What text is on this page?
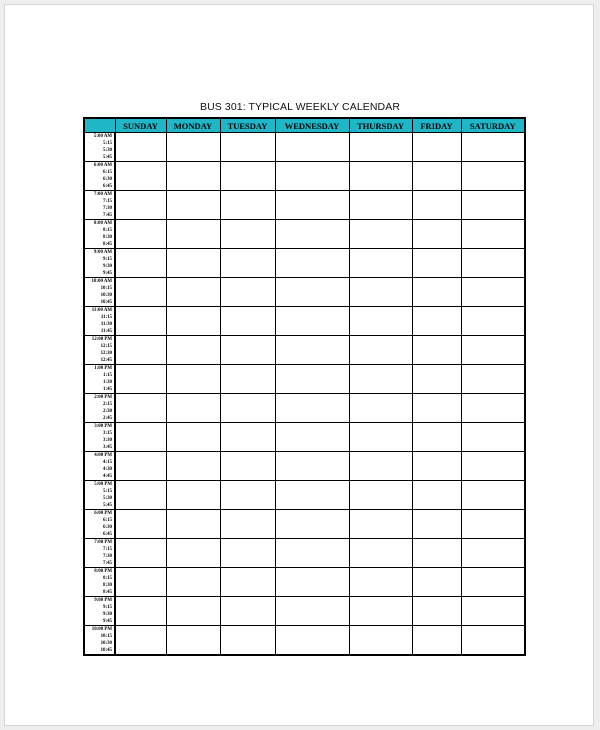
BUS 301: TYPICAL WEEKLY CALENDAR
	SUNDAY	MONDAY	TUESDAY	WEDNESDAY	THURSDAY	FRIDAY	SATURDAY

5:00 AM
5:15
5:30
5:45							

6:00 AM
6:15
6:30
6:45							

7:00 AM
7:15
7:30
7:45							

8:00 AM
8:15
8:30
8:45							

9:00 AM
9:15
9:30
9:45							

10:00 AM
10:15
10:30
10:45							

11:00 AM
11:15
11:30
11:45							

12:00 PM
12:15
12:30
12:45							

1:00 PM
1:15
1:30
1:45							

2:00 PM
2:15
2:30
2:45							

3:00 PM
3:15
3:30
3:45							

4:00 PM
4:15
4:30
4:45							

5:00 PM
5:15
5:30
5:45							

6:00 PM
6:15
6:30
6:45							

7:00 PM
7:15
7:30
7:45							

8:00 PM
8:15
8:30
8:45							

9:00 PM
9:15
9:30
9:45							

10:00 PM
10:15
10:30
10:45							
